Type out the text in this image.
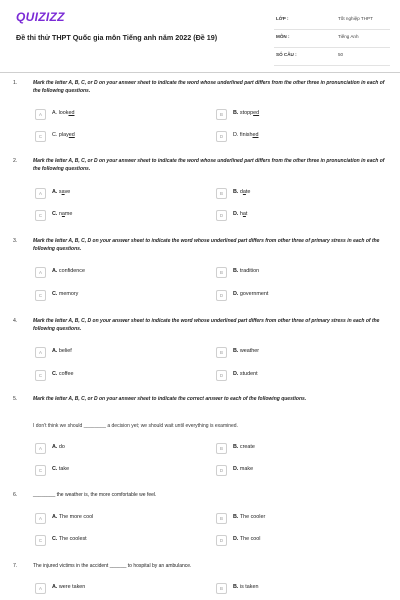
QUIZIZZ
Đề thi thử THPT Quốc gia môn Tiếng anh năm 2022 (Đề 19)
LỚP :	Tốt nghiệp THPT
MÔN :	Tiếng Anh
SỐ CÂU :	50
1.	Mark the letter A, B, C, or D on your answer sheet to indicate the word whose underlined part differs from the other three in pronunciation in each of the following questions.
A	A. looked	B	B. stopped
C	C. played	D	D. finished
2.	Mark the letter A, B, C, or D on your answer sheet to indicate the word whose underlined part differs from the other three in pronunciation in each of the following questions.
A	A. save	B	B. date
C	C. name	D	D. hat
3.	Mark the letter A, B, C, D on your answer sheet to indicate the word whose underlined part differs from other three of primary stress in each of the following questions.
A	A. confidence	B	B. tradition
C	C. memory	D	D. government
4.	Mark the letter A, B, C, D on your answer sheet to indicate the word whose underlined part differs from other three of primary stress in each of the following questions.
A	A. belief	B	B. weather
C	C. coffee	D	D. student
5.	Mark the letter A, B, C, or D on your answer sheet to indicate the correct answer to each of the following questions.
I don't think we should ________ a decision yet; we should wait until everything is examined.
A	A. do	B	B. create
C	C. take	D	D. make
6.	________ the weather is, the more comfortable we feel.
A	A. The more cool	B	B. The cooler
C	C. The coolest	D	D. The cool
7.	The injured victims in the accident ______ to hospital by an ambulance.
A	A. were taken	B	B. is taken
